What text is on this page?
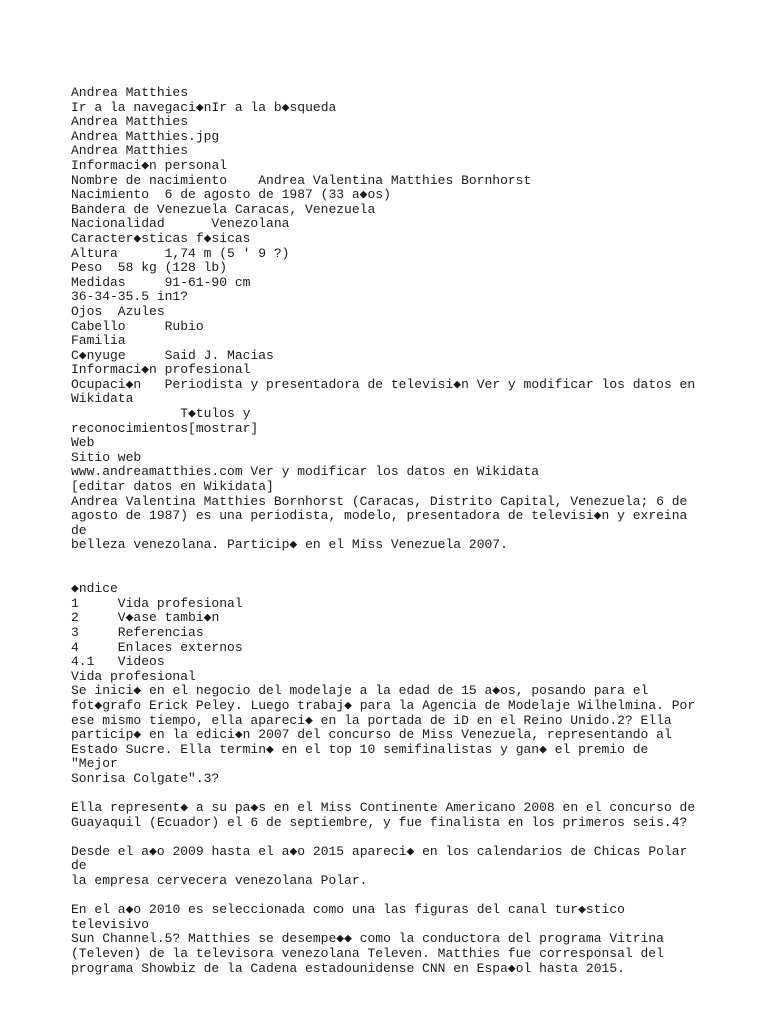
Andrea Matthies
Ir a la navegaci◆nIr a la b◆squeda
Andrea Matthies
Andrea Matthies.jpg
Andrea Matthies
Informaci◆n personal
Nombre de nacimiento    Andrea Valentina Matthies Bornhorst
Nacimiento  6 de agosto de 1987 (33 a◆os)
Bandera de Venezuela Caracas, Venezuela
Nacionalidad      Venezolana
Caracter◆sticas f◆sicas
Altura      1,74 m (5 ' 9 ?)
Peso  58 kg (128 lb)
Medidas     91-61-90 cm
36-34-35.5 in1?
Ojos  Azules
Cabello     Rubio
Familia
C◆nyuge     Said J. Macias
Informaci◆n profesional
Ocupaci◆n   Periodista y presentadora de televisi◆n Ver y modificar los datos en
Wikidata
T◆tulos y
reconocimientos[mostrar]
Web
Sitio web
www.andreamatthies.com Ver y modificar los datos en Wikidata
[editar datos en Wikidata]
Andrea Valentina Matthies Bornhorst (Caracas, Distrito Capital, Venezuela; 6 de
agosto de 1987) es una periodista, modelo, presentadora de televisi◆n y exreina de
belleza venezolana. Particip◆ en el Miss Venezuela 2007.
◆ndice
1     Vida profesional
2     V◆ase tambi◆n
3     Referencias
4     Enlaces externos
4.1   Videos
Vida profesional
Se inici◆ en el negocio del modelaje a la edad de 15 a◆os, posando para el
fot◆grafo Erick Peley. Luego trabaj◆ para la Agencia de Modelaje Wilhelmina. Por
ese mismo tiempo, ella apareci◆ en la portada de iD en el Reino Unido.2? Ella
particip◆ en la edici◆n 2007 del concurso de Miss Venezuela, representando al
Estado Sucre. Ella termin◆ en el top 10 semifinalistas y gan◆ el premio de "Mejor
Sonrisa Colgate".3?
Ella represent◆ a su pa◆s en el Miss Continente Americano 2008 en el concurso de
Guayaquil (Ecuador) el 6 de septiembre, y fue finalista en los primeros seis.4?
Desde el a◆o 2009 hasta el a◆o 2015 apareci◆ en los calendarios de Chicas Polar de
la empresa cervecera venezolana Polar.
En el a◆o 2010 es seleccionada como una las figuras del canal tur◆stico televisivo
Sun Channel.5? Matthies se desempe◆◆ como la conductora del programa Vitrina
(Televen) de la televisora venezolana Televen. Matthies fue corresponsal del
programa Showbiz de la Cadena estadounidense CNN en Espa◆ol hasta 2015.
